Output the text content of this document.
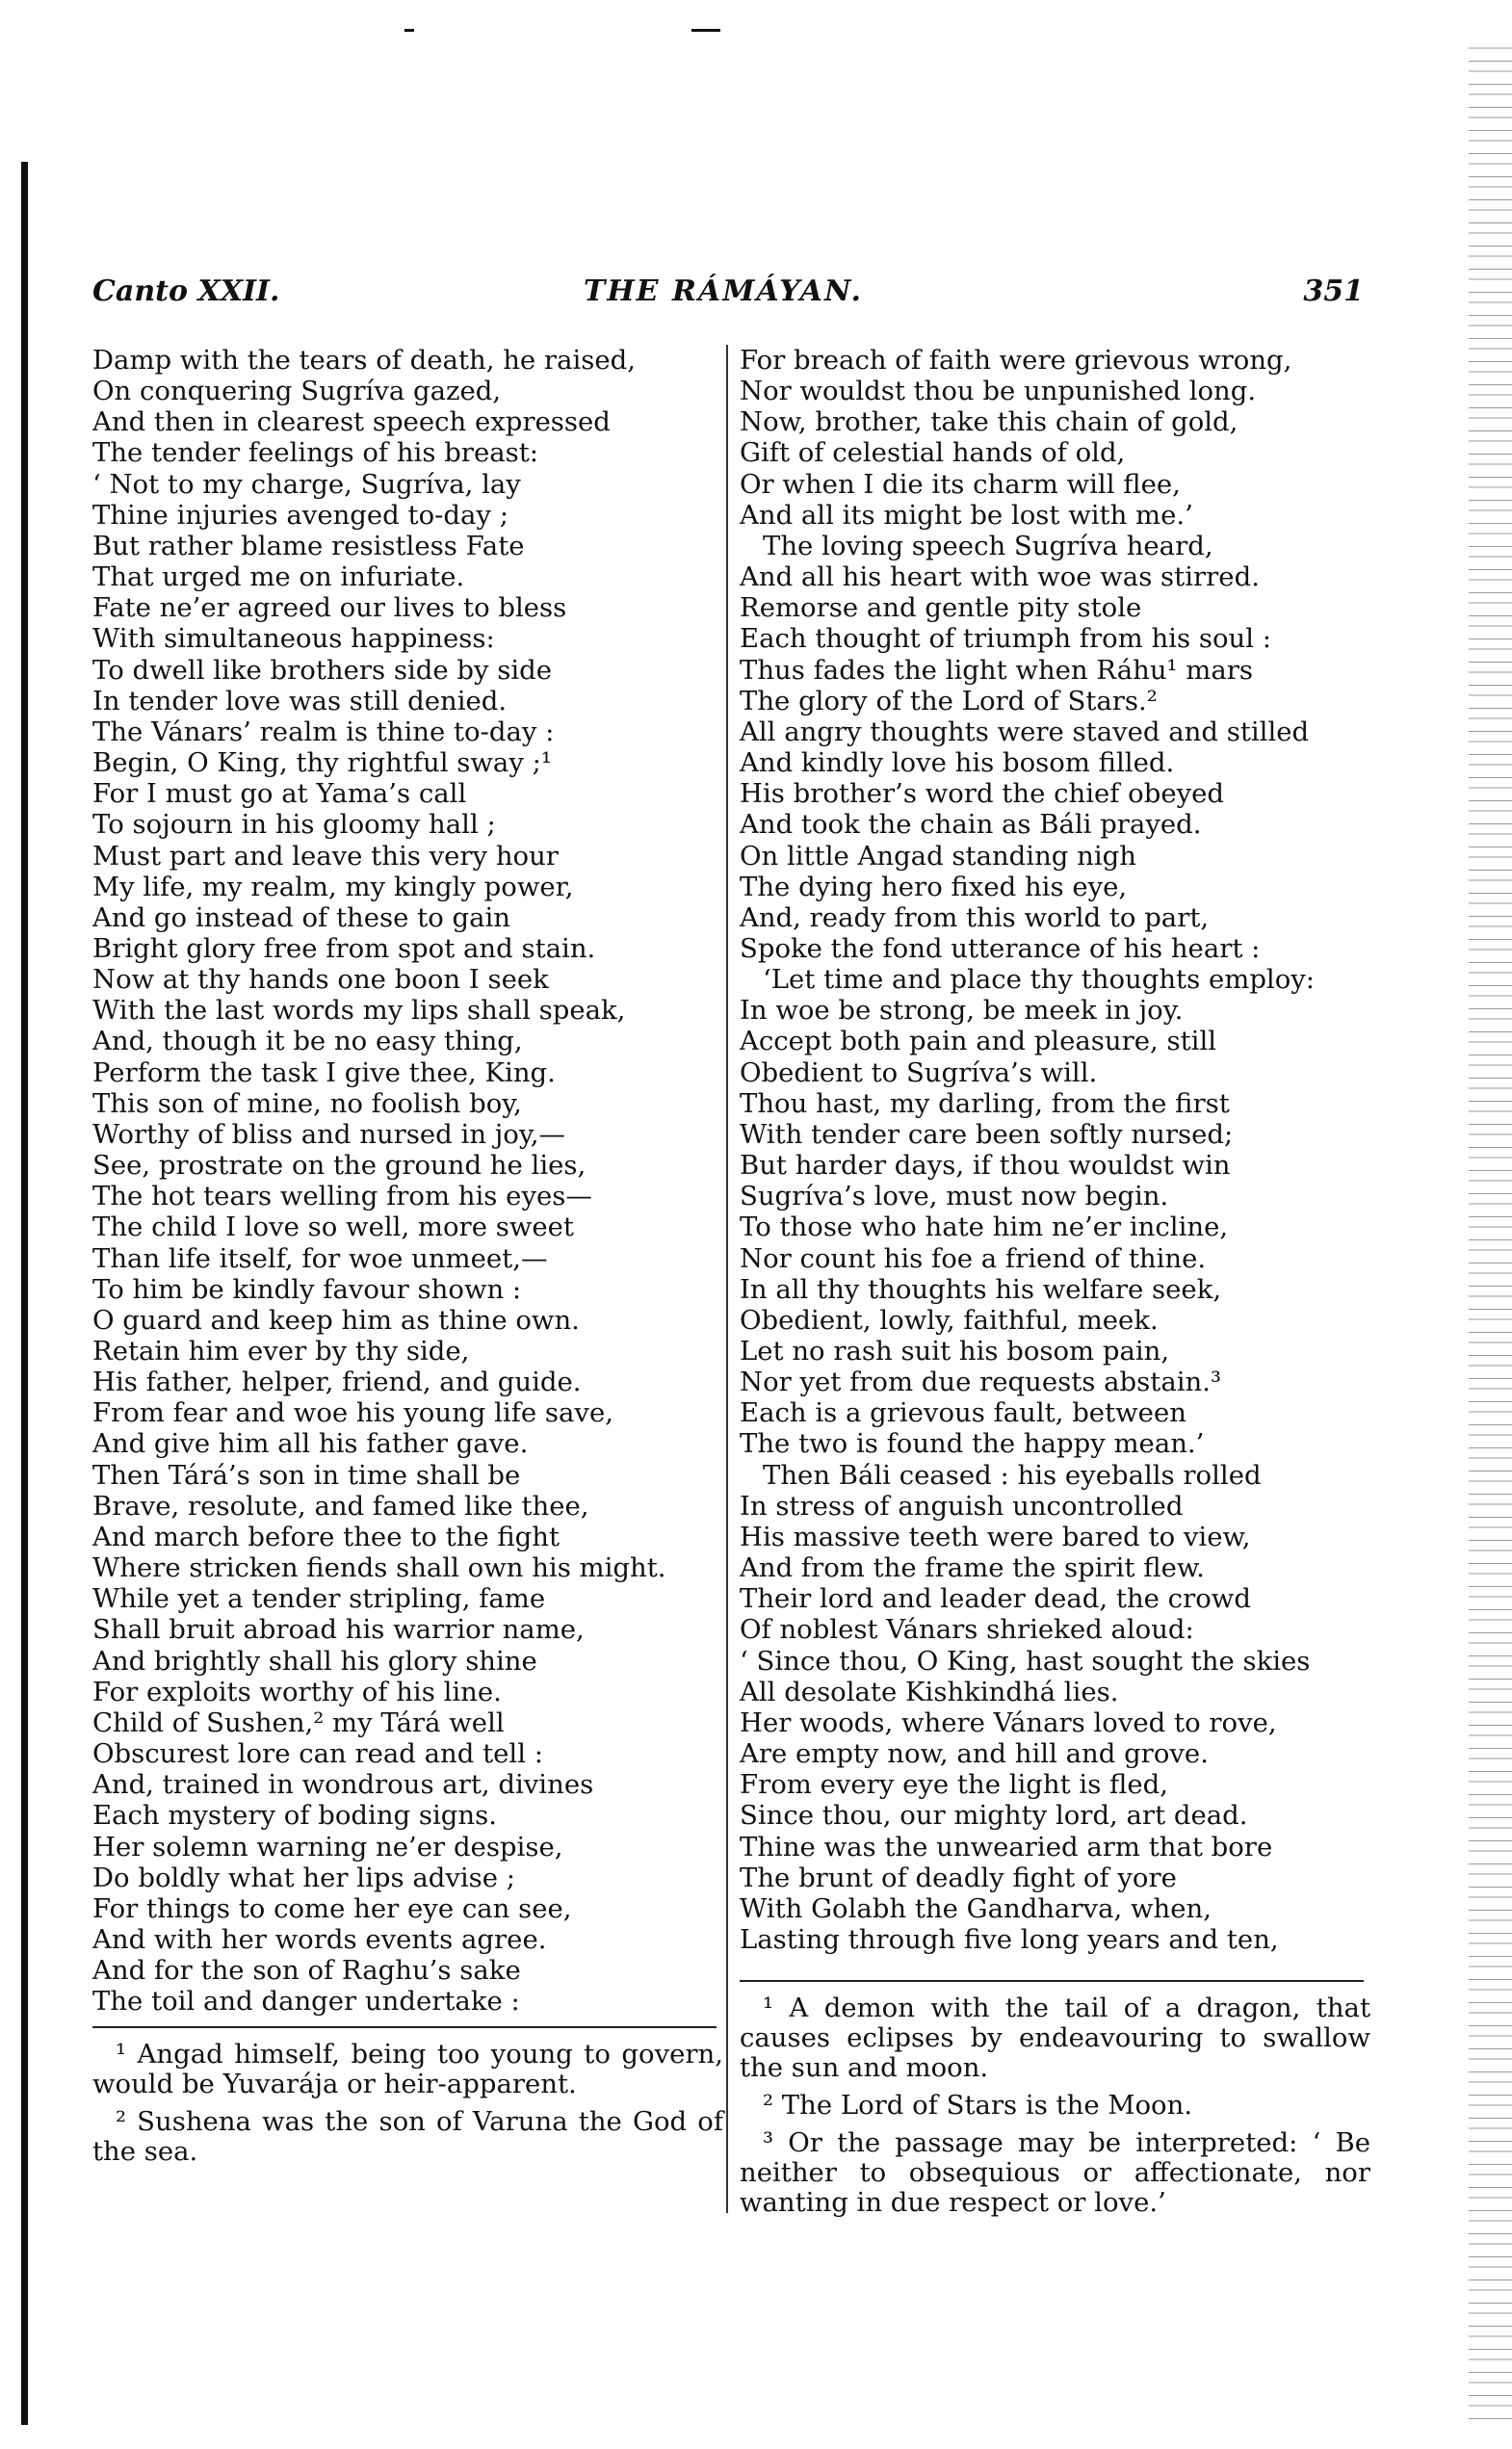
Canto XXII.	THE RÁMÁYAN.	351
Damp with the tears of death, he raised,
On conquering Sugríva gazed,
And then in clearest speech expressed
The tender feelings of his breast:
‘ Not to my charge, Sugríva, lay
Thine injuries avenged to-day ;
But rather blame resistless Fate
That urged me on infuriate.
Fate ne’er agreed our lives to bless
With simultaneous happiness:
To dwell like brothers side by side
In tender love was still denied.
The Vánars’ realm is thine to-day :
Begin, O King, thy rightful sway ;¹
For I must go at Yama’s call
To sojourn in his gloomy hall ;
Must part and leave this very hour
My life, my realm, my kingly power,
And go instead of these to gain
Bright glory free from spot and stain.
Now at thy hands one boon I seek
With the last words my lips shall speak,
And, though it be no easy thing,
Perform the task I give thee, King.
This son of mine, no foolish boy,
Worthy of bliss and nursed in joy,—
See, prostrate on the ground he lies,
The hot tears welling from his eyes—
The child I love so well, more sweet
Than life itself, for woe unmeet,—
To him be kindly favour shown :
O guard and keep him as thine own.
Retain him ever by thy side,
His father, helper, friend, and guide.
From fear and woe his young life save,
And give him all his father gave.
Then Tárá’s son in time shall be
Brave, resolute, and famed like thee,
And march before thee to the fight
Where stricken fiends shall own his might.
While yet a tender stripling, fame
Shall bruit abroad his warrior name,
And brightly shall his glory shine
For exploits worthy of his line.
Child of Sushen,² my Tárá well
Obscurest lore can read and tell :
And, trained in wondrous art, divines
Each mystery of boding signs.
Her solemn warning ne’er despise,
Do boldly what her lips advise ;
For things to come her eye can see,
And with her words events agree.
And for the son of Raghu’s sake
The toil and danger undertake :
For breach of faith were grievous wrong,
Nor wouldst thou be unpunished long.
Now, brother, take this chain of gold,
Gift of celestial hands of old,
Or when I die its charm will flee,
And all its might be lost with me.’
The loving speech Sugríva heard,
And all his heart with woe was stirred.
Remorse and gentle pity stole
Each thought of triumph from his soul :
Thus fades the light when Ráhu¹ mars
The glory of the Lord of Stars.²
All angry thoughts were staved and stilled
And kindly love his bosom filled.
His brother’s word the chief obeyed
And took the chain as Báli prayed.
On little Angad standing nigh
The dying hero fixed his eye,
And, ready from this world to part,
Spoke the fond utterance of his heart :
‘Let time and place thy thoughts employ:
In woe be strong, be meek in joy.
Accept both pain and pleasure, still
Obedient to Sugríva’s will.
Thou hast, my darling, from the first
With tender care been softly nursed;
But harder days, if thou wouldst win
Sugríva’s love, must now begin.
To those who hate him ne’er incline,
Nor count his foe a friend of thine.
In all thy thoughts his welfare seek,
Obedient, lowly, faithful, meek.
Let no rash suit his bosom pain,
Nor yet from due requests abstain.³
Each is a grievous fault, between
The two is found the happy mean.’
Then Báli ceased : his eyeballs rolled
In stress of anguish uncontrolled
His massive teeth were bared to view,
And from the frame the spirit flew.
Their lord and leader dead, the crowd
Of noblest Vánars shrieked aloud:
‘ Since thou, O King, hast sought the skies
All desolate Kishkindhá lies.
Her woods, where Vánars loved to rove,
Are empty now, and hill and grove.
From every eye the light is fled,
Since thou, our mighty lord, art dead.
Thine was the unwearied arm that bore
The brunt of deadly fight of yore
With Golabh the Gandharva, when,
Lasting through five long years and ten,

¹ Angad himself, being too young to govern, would be Yuvarája or heir-apparent.

² Sushena was the son of Varuna the God of the sea.

¹ A demon with the tail of a dragon, that causes eclipses by endeavouring to swallow the sun and moon.

² The Lord of Stars is the Moon.

³ Or the passage may be interpreted: ‘ Be neither to obsequious or affectionate, nor wanting in due respect or love.’
